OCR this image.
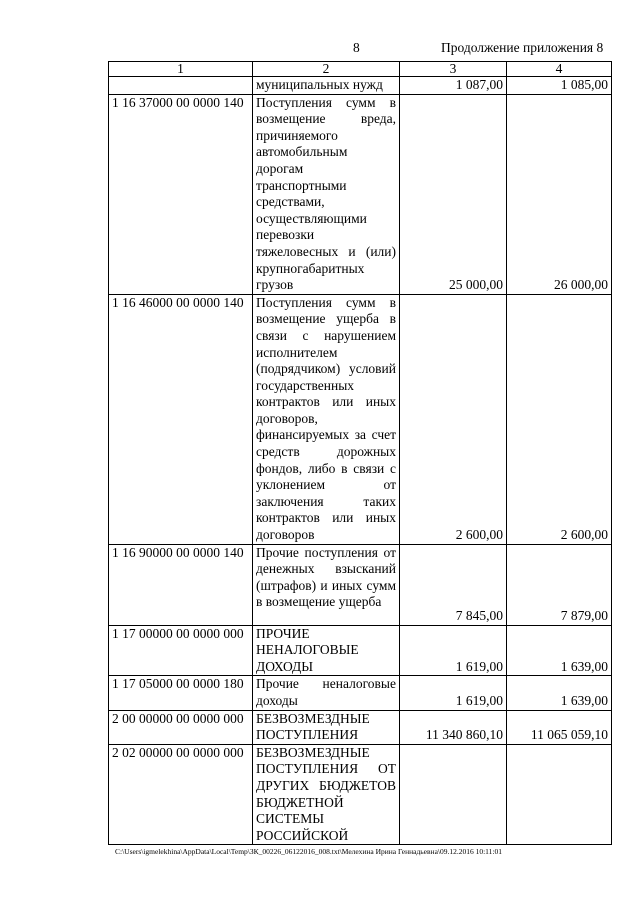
8	Продолжение приложения 8
1	2	3	4
	муниципальных нужд	1 087,00	1 085,00
1 16 37000 00 0000 140	Поступления сумм в возмещение вреда, причиняемого автомобильным дорогам транспортными средствами, осуществляющими перевозки тяжеловесных и (или) крупногабаритных грузов	25 000,00	26 000,00
1 16 46000 00 0000 140	Поступления сумм в возмещение ущерба в связи с нарушением исполнителем (подрядчиком) условий государственных контрактов или иных договоров, финансируемых за счет средств дорожных фондов, либо в связи с уклонением от заключения таких контрактов или иных договоров	2 600,00	2 600,00
1 16 90000 00 0000 140	Прочие поступления от денежных взысканий (штрафов) и иных сумм в возмещение ущерба	7 845,00	7 879,00
1 17 00000 00 0000 000	ПРОЧИЕ НЕНАЛОГОВЫЕ ДОХОДЫ	1 619,00	1 639,00
1 17 05000 00 0000 180	Прочие неналоговые доходы	1 619,00	1 639,00
2 00 00000 00 0000 000	БЕЗВОЗМЕЗДНЫЕ ПОСТУПЛЕНИЯ	11 340 860,10	11 065 059,10
2 02 00000 00 0000 000	БЕЗВОЗМЕЗДНЫЕ ПОСТУПЛЕНИЯ ОТ ДРУГИХ БЮДЖЕТОВ БЮДЖЕТНОЙ СИСТЕМЫ РОССИЙСКОЙ		
C:\Users\igmelekhina\AppData\Local\Temp\ЗК_00226_06122016_008.txt\Мелехина Ирина Геннадьевна\09.12.2016 10:11:01
